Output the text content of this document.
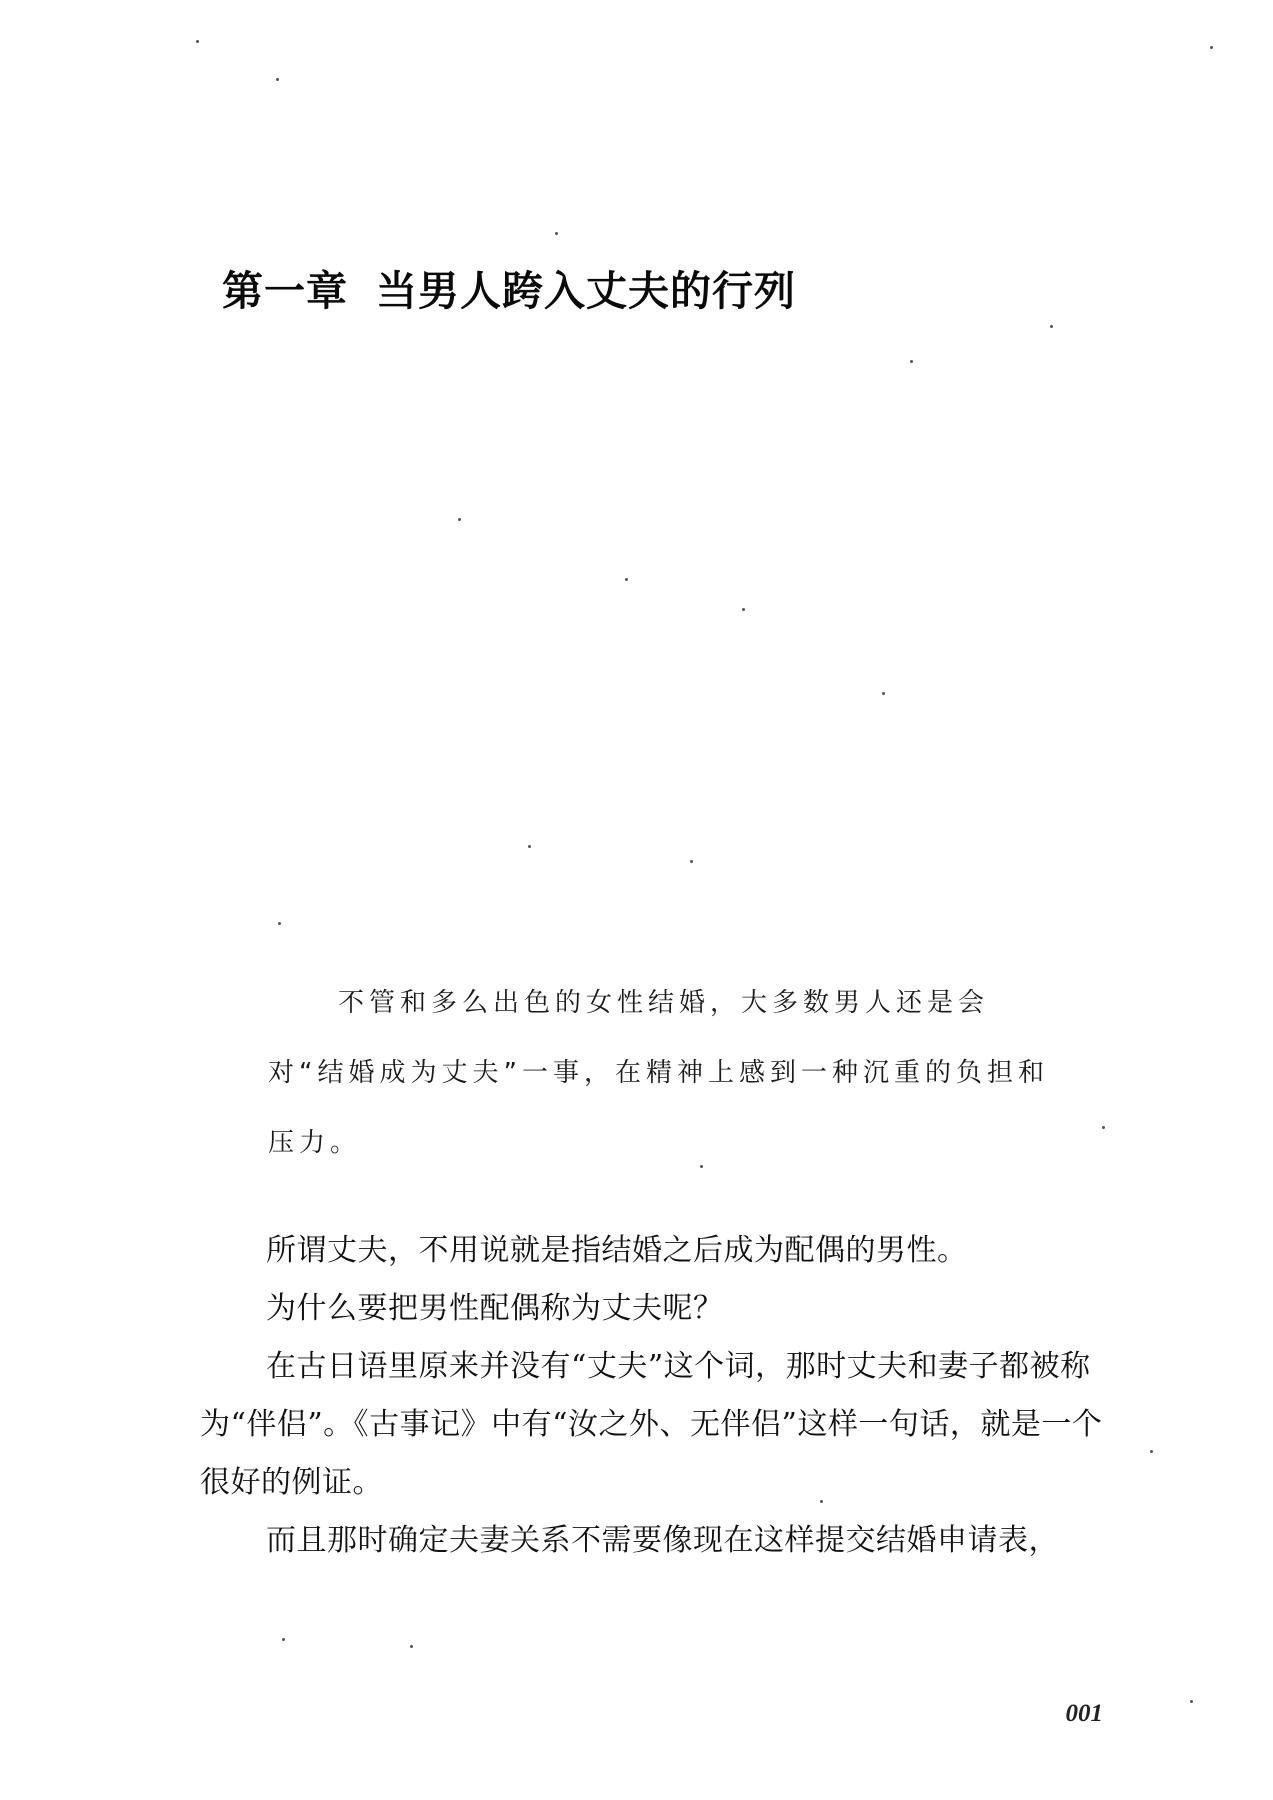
第一章 当男人跨入丈夫的行列

不管和多么出色的女性结婚，大多数男人还是会对“结婚成为丈夫”一事，在精神上感到一种沉重的负担和压力。

所谓丈夫，不用说就是指结婚之后成为配偶的男性。

为什么要把男性配偶称为丈夫呢？

在古日语里原来并没有“丈夫”这个词，那时丈夫和妻子都被称为“伴侣”。《古事记》中有“汝之外、无伴侣”这样一句话，就是一个很好的例证。

而且那时确定夫妻关系不需要像现在这样提交结婚申请表，

001
